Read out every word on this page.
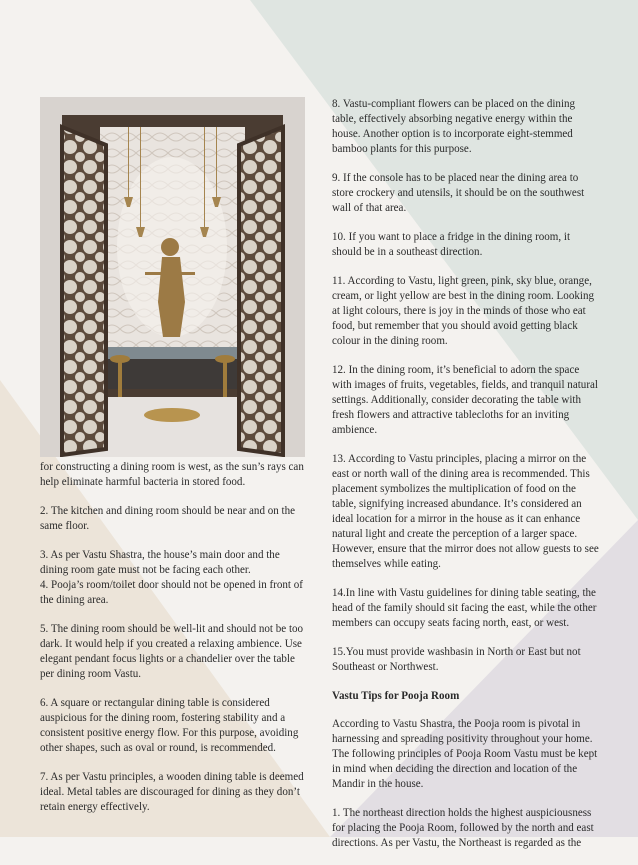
for constructing a dining room is west, as the sun’s rays can help eliminate harmful bacteria in stored food.

2. The kitchen and dining room should be near and on the same floor.

3. As per Vastu Shastra, the house’s main door and the dining room gate must not be facing each other.

4. Pooja’s room/toilet door should not be opened in front of the dining area.

5. The dining room should be well-lit and should not be too dark. It would help if you created a relaxing ambience. Use elegant pendant focus lights or a chandelier over the table per dining room Vastu.

6. A square or rectangular dining table is considered auspicious for the dining room, fostering stability and a consistent positive energy flow. For this purpose, avoiding other shapes, such as oval or round, is recommended.

7. As per Vastu principles, a wooden dining table is deemed ideal. Metal tables are discouraged for dining as they don’t retain energy effectively.

8. Vastu-compliant flowers can be placed on the dining table, effectively absorbing negative energy within the house. Another option is to incorporate eight-stemmed bamboo plants for this purpose.

9. If the console has to be placed near the dining area to store crockery and utensils, it should be on the southwest wall of that area.

10. If you want to place a fridge in the dining room, it should be in a southeast direction.

11. According to Vastu, light green, pink, sky blue, orange, cream, or light yellow are best in the dining room. Looking at light colours, there is joy in the minds of those who eat food, but remember that you should avoid getting black colour in the dining room.

12. In the dining room, it’s beneficial to adorn the space with images of fruits, vegetables, fields, and tranquil natural settings. Additionally, consider decorating the table with fresh flowers and attractive tablecloths for an inviting ambience.

13. According to Vastu principles, placing a mirror on the east or north wall of the dining area is recommended. This placement symbolizes the multiplication of food on the table, signifying increased abundance. It’s considered an ideal location for a mirror in the house as it can enhance natural light and create the perception of a larger space. However, ensure that the mirror does not allow guests to see themselves while eating.

14.In line with Vastu guidelines for dining table seating, the head of the family should sit facing the east, while the other members can occupy seats facing north, east, or west.

15.You must provide washbasin in North or East but not Southeast or Northwest.

Vastu Tips for Pooja Room

According to Vastu Shastra, the Pooja room is pivotal in harnessing and spreading positivity throughout your home. The following principles of Pooja Room Vastu must be kept in mind when deciding the direction and location of the Mandir in the house.

1. The northeast direction holds the highest auspiciousness for placing the Pooja Room, followed by the north and east directions. As per Vastu, the Northeast is regarded as the
